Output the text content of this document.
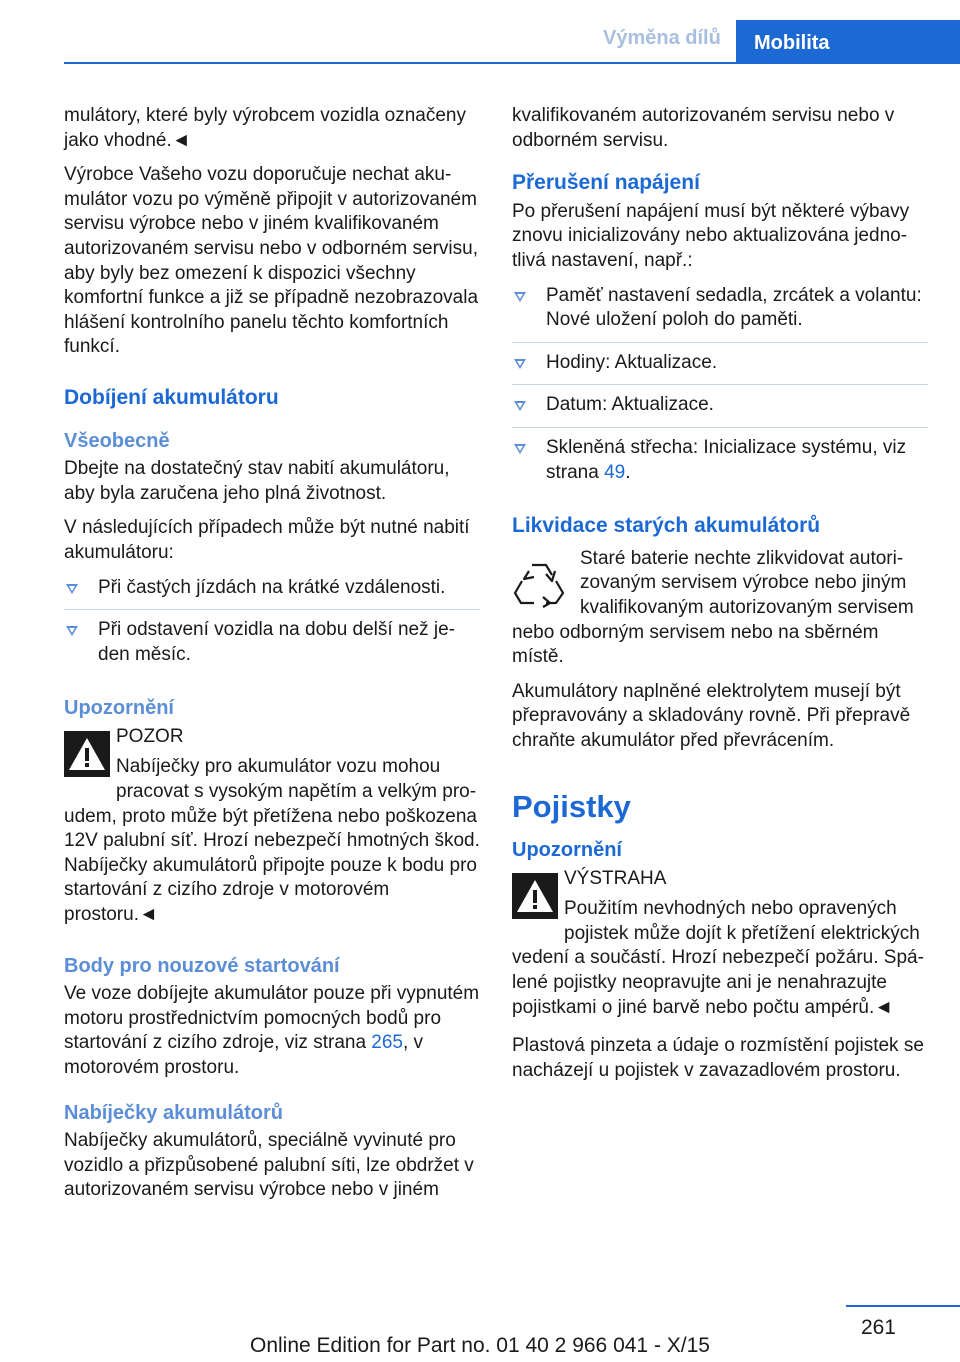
Výměna dílů	Mobilita

mulátory, které byly výrobcem vozidla označeny jako vhodné.◄

Výrobce Vašeho vozu doporučuje nechat akumulátor vozu po výměně připojit v autorizovaném servisu výrobce nebo v jiném kvalifikovaném autorizovaném servisu nebo v odborném servisu, aby byly bez omezení k dispozici všechny komfortní funkce a již se případně nezobrazovala hlášení kontrolního panelu těchto komfortních funkcí.

Dobíjení akumulátoru
Všeobecně

Dbejte na dostatečný stav nabití akumulátoru, aby byla zaručena jeho plná životnost.

V následujících případech může být nutné nabití akumulátoru:

Při častých jízdách na krátké vzdálenosti.
Při odstavení vozidla na dobu delší než jeden měsíc.
Upozornění
POZOR

Nabíječky pro akumulátor vozu mohou pracovat s vysokým napětím a velkým proudem, proto může být přetížena nebo poškozena 12V palubní síť. Hrozí nebezpečí hmotných škod. Nabíječky akumulátorů připojte pouze k bodu pro startování z cizího zdroje v motorovém prostoru.◄

Body pro nouzové startování

Ve voze dobíjejte akumulátor pouze při vypnutém motoru prostřednictvím pomocných bodů pro startování z cizího zdroje, viz strana 265, v motorovém prostoru.

Nabíječky akumulátorů

Nabíječky akumulátorů, speciálně vyvinuté pro vozidlo a přizpůsobené palubní síti, lze obdržet v autorizovaném servisu výrobce nebo v jiném

kvalifikovaném autorizovaném servisu nebo v odborném servisu.

Přerušení napájení

Po přerušení napájení musí být některé výbavy znovu inicializovány nebo aktualizována jednotlivá nastavení, např.:

Paměť nastavení sedadla, zrcátek a volantu: Nové uložení poloh do paměti.
Hodiny: Aktualizace.
Datum: Aktualizace.
Skleněná střecha: Inicializace systému, viz strana 49.
Likvidace starých akumulátorů

Staré baterie nechte zlikvidovat autorizovaným servisem výrobce nebo jiným kvalifikovaným autorizovaným servisem nebo odborným servisem nebo na sběrném místě.

Akumulátory naplněné elektrolytem musejí být přepravovány a skladovány rovně. Při přepravě chraňte akumulátor před převrácením.

Pojistky
Upozornění
VÝSTRAHA

Použitím nevhodných nebo opravených pojistek může dojít k přetížení elektrických vedení a součástí. Hrozí nebezpečí požáru. Spálené pojistky neopravujte ani je nenahrazujte pojistkami o jiné barvě nebo počtu ampérů.◄

Plastová pinzeta a údaje o rozmístění pojistek se nacházejí u pojistek v zavazadlovém prostoru.

261
Online Edition for Part no. 01 40 2 966 041 - X/15
